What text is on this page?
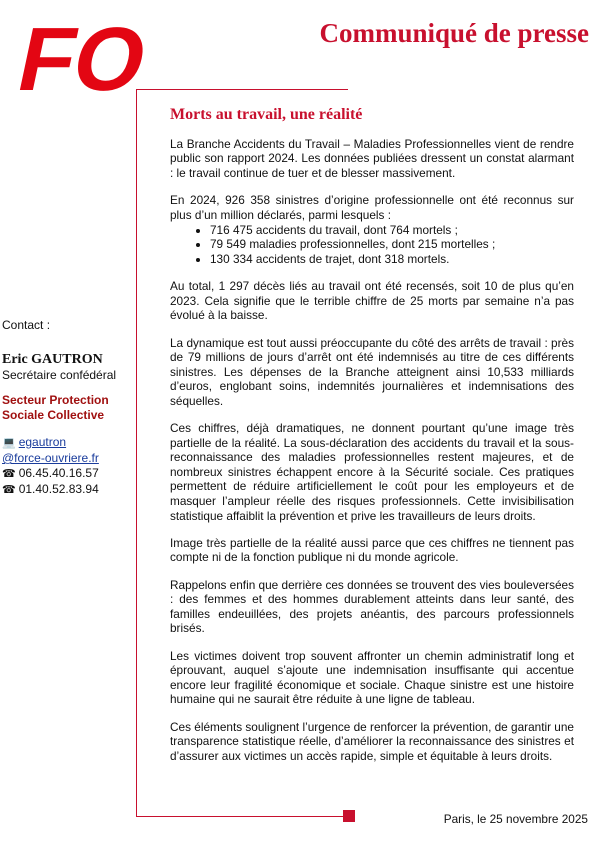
FO	Communiqué de presse
Contact :
Eric GAUTRON
Secrétaire confédéral
Secteur Protection
Sociale Collective
💻 egautron
@force-ouvriere.fr
☎ 06.45.40.16.57
☎ 01.40.52.83.94
Morts au travail, une réalité

La Branche Accidents du Travail – Maladies Professionnelles vient de rendre public son rapport 2024. Les données publiées dressent un constat alarmant : le travail continue de tuer et de blesser massivement.

En 2024, 926 358 sinistres d’origine professionnelle ont été reconnus sur plus d’un million déclarés, parmi lesquels :

• 716 475 accidents du travail, dont 764 mortels ;
• 79 549 maladies professionnelles, dont 215 mortelles ;
• 130 334 accidents de trajet, dont 318 mortels.

Au total, 1 297 décès liés au travail ont été recensés, soit 10 de plus qu’en 2023. Cela signifie que le terrible chiffre de 25 morts par semaine n’a pas évolué à la baisse.

La dynamique est tout aussi préoccupante du côté des arrêts de travail : près de 79 millions de jours d’arrêt ont été indemnisés au titre de ces différents sinistres. Les dépenses de la Branche atteignent ainsi 10,533 milliards d’euros, englobant soins, indemnités journalières et indemnisations des séquelles.

Ces chiffres, déjà dramatiques, ne donnent pourtant qu’une image très partielle de la réalité. La sous-déclaration des accidents du travail et la sous-reconnaissance des maladies professionnelles restent majeures, et de nombreux sinistres échappent encore à la Sécurité sociale. Ces pratiques permettent de réduire artificiellement le coût pour les employeurs et de masquer l’ampleur réelle des risques professionnels. Cette invisibilisation statistique affaiblit la prévention et prive les travailleurs de leurs droits.

Image très partielle de la réalité aussi parce que ces chiffres ne tiennent pas compte ni de la fonction publique ni du monde agricole.

Rappelons enfin que derrière ces données se trouvent des vies bouleversées : des femmes et des hommes durablement atteints dans leur santé, des familles endeuillées, des projets anéantis, des parcours professionnels brisés.

Les victimes doivent trop souvent affronter un chemin administratif long et éprouvant, auquel s’ajoute une indemnisation insuffisante qui accentue encore leur fragilité économique et sociale. Chaque sinistre est une histoire humaine qui ne saurait être réduite à une ligne de tableau.

Ces éléments soulignent l’urgence de renforcer la prévention, de garantir une transparence statistique réelle, d’améliorer la reconnaissance des sinistres et d’assurer aux victimes un accès rapide, simple et équitable à leurs droits.

Paris, le 25 novembre 2025
